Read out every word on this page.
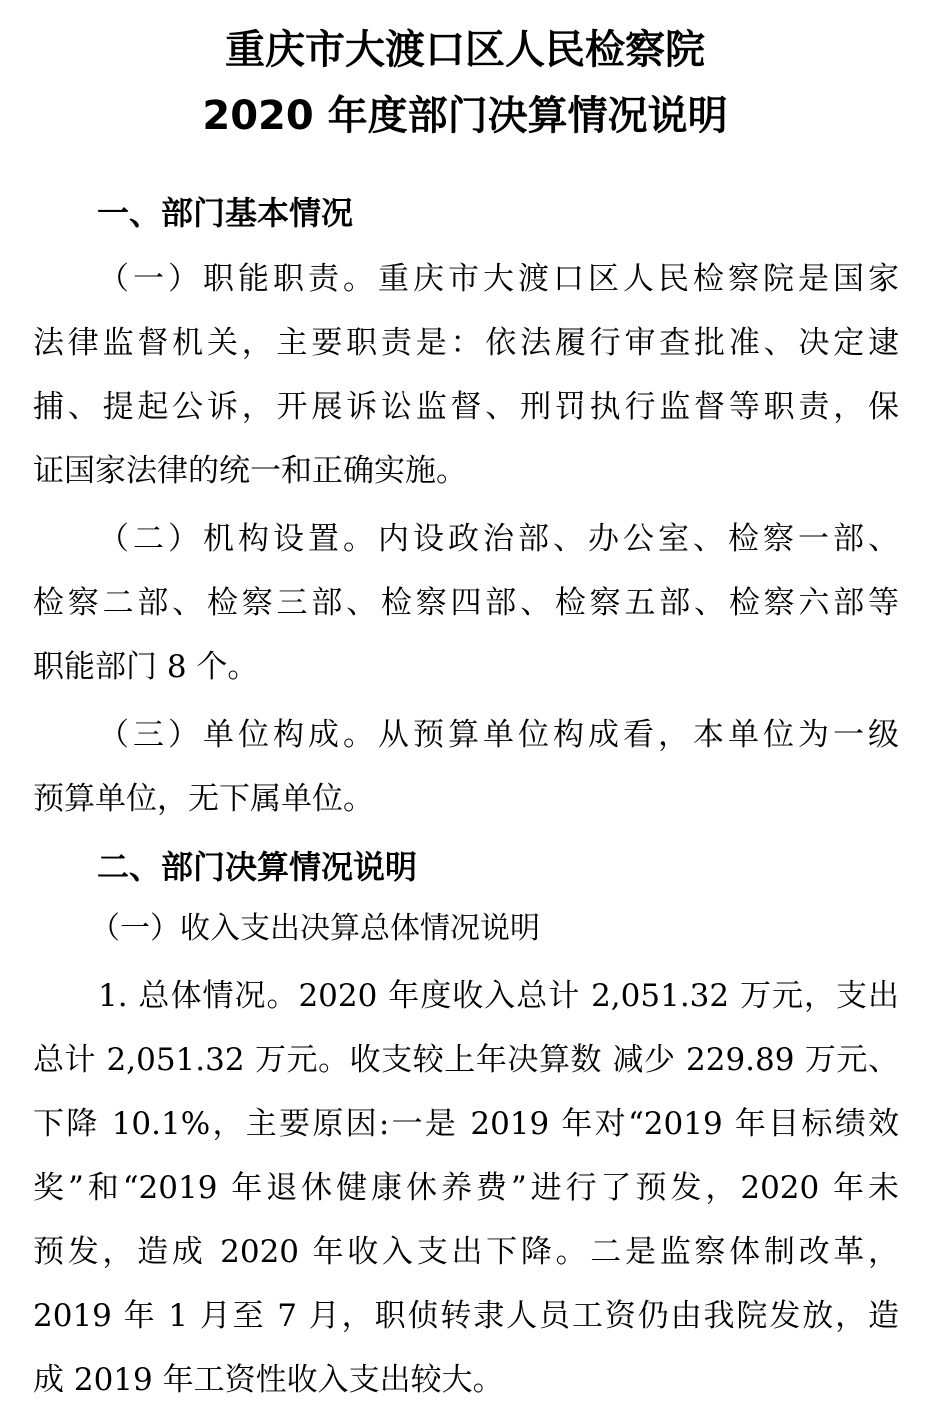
重庆市大渡口区人民检察院
2020 年度部门决算情况说明
一、部门基本情况
（一）职能职责。重庆市大渡口区人民检察院是国家
法律监督机关，主要职责是：依法履行审查批准、决定逮
捕、提起公诉，开展诉讼监督、刑罚执行监督等职责，保
证国家法律的统一和正确实施。
（二）机构设置。内设政治部、办公室、检察一部、
检察二部、检察三部、检察四部、检察五部、检察六部等
职能部门 8 个。
（三）单位构成。从预算单位构成看，本单位为一级
预算单位，无下属单位。
二、部门决算情况说明
（一）收入支出决算总体情况说明
1. 总体情况。2020 年度收入总计 2,051.32 万元，支出
总计 2,051.32 万元。收支较上年决算数 减少 229.89 万元、
下降 10.1%，主要原因:一是 2019 年对“2019 年目标绩效
奖”和“2019 年退休健康休养费”进行了预发，2020 年未
预发，造成 2020 年收入支出下降。二是监察体制改革，
2019 年 1 月至 7 月，职侦转隶人员工资仍由我院发放，造
成 2019 年工资性收入支出较大。
